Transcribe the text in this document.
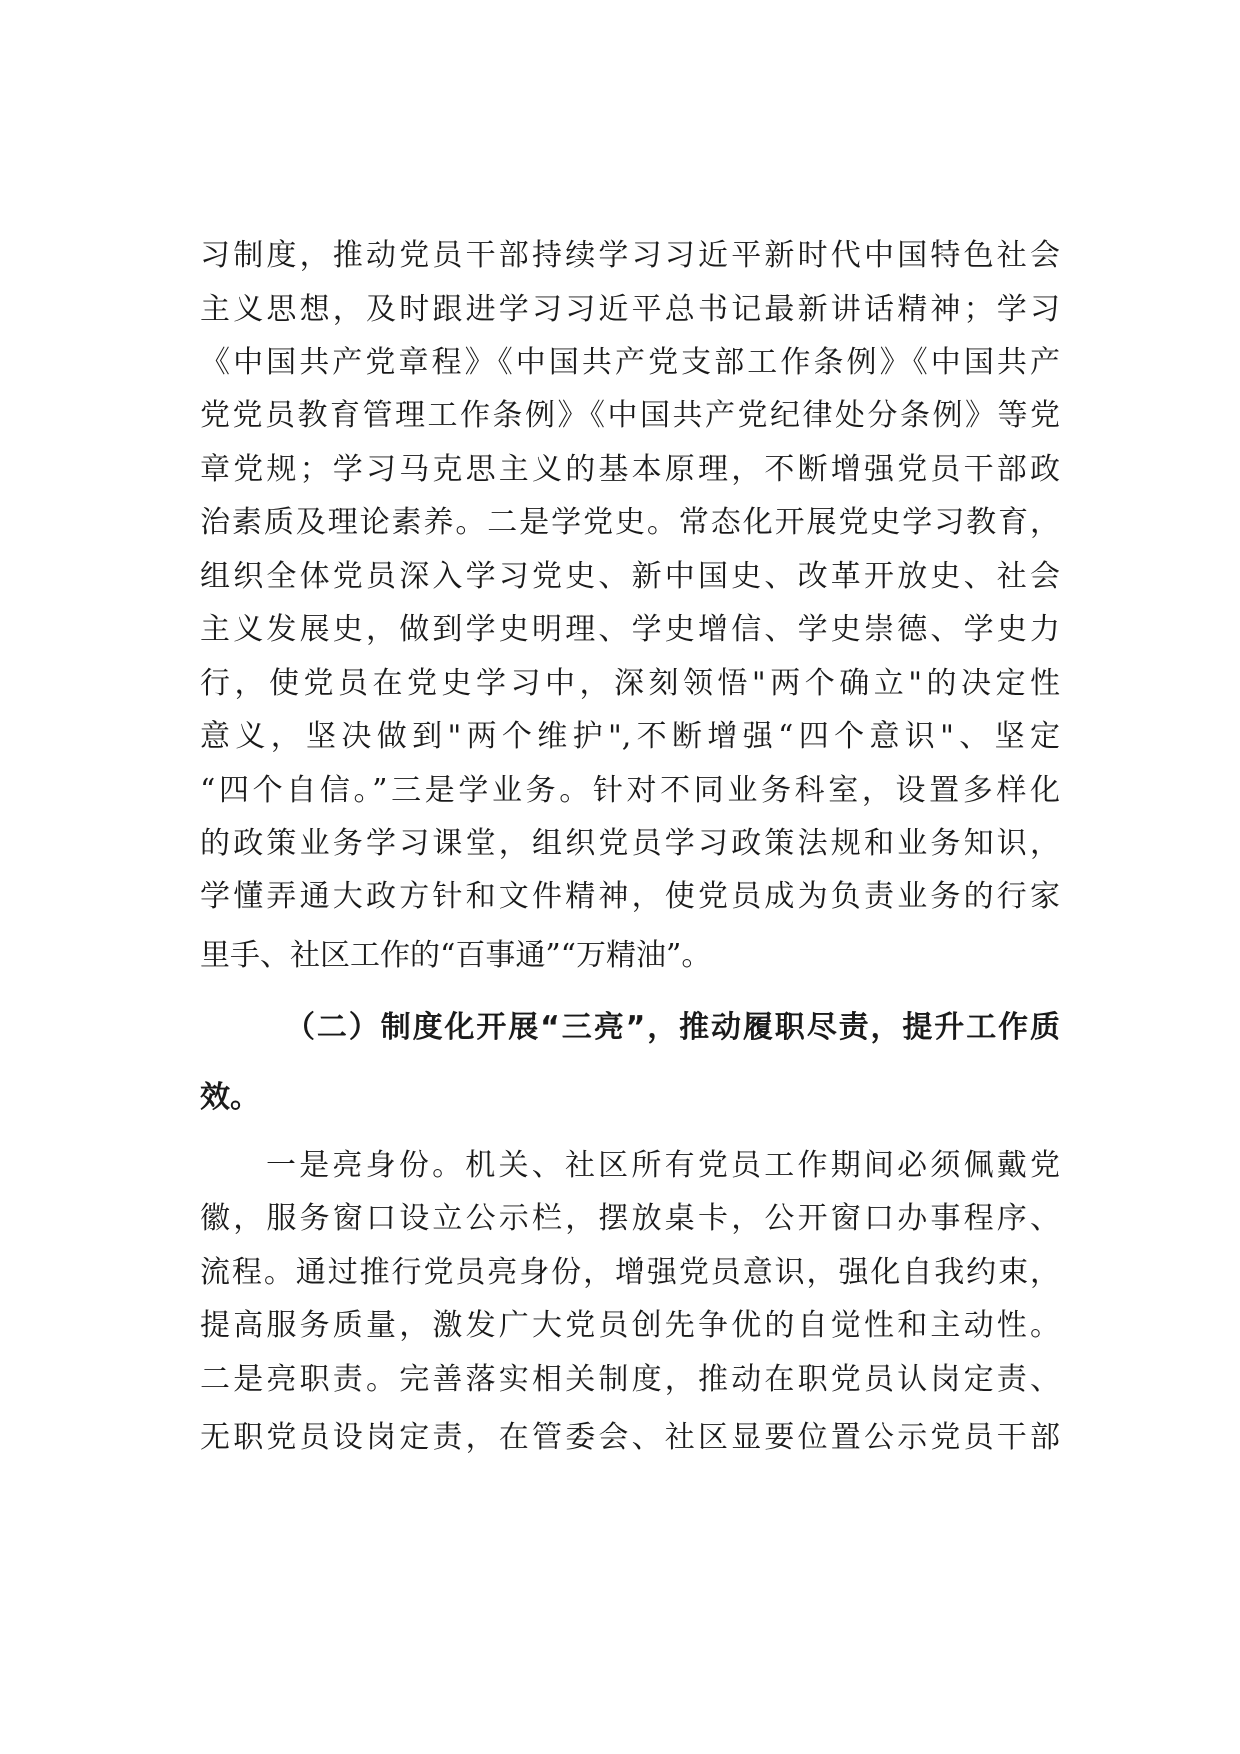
习制度，推动党员干部持续学习习近平新时代中国特色社会
主义思想，及时跟进学习习近平总书记最新讲话精神；学习
《中国共产党章程》《中国共产党支部工作条例》《中国共产
党党员教育管理工作条例》《中国共产党纪律处分条例》等党
章党规；学习马克思主义的基本原理，不断增强党员干部政
治素质及理论素养。二是学党史。常态化开展党史学习教育，
组织全体党员深入学习党史、新中国史、改革开放史、社会
主义发展史，做到学史明理、学史增信、学史崇德、学史力
行，使党员在党史学习中，深刻领悟"两个确立"的决定性
意义，坚决做到"两个维护",不断增强“四个意识"、坚定
“四个自信。”三是学业务。针对不同业务科室，设置多样化
的政策业务学习课堂，组织党员学习政策法规和业务知识，
学懂弄通大政方针和文件精神，使党员成为负责业务的行家
里手、社区工作的“百事通”“万精油”。
（二）制度化开展“三亮”，推动履职尽责，提升工作质
效。
一是亮身份。机关、社区所有党员工作期间必须佩戴党
徽，服务窗口设立公示栏，摆放桌卡，公开窗口办事程序、
流程。通过推行党员亮身份，增强党员意识，强化自我约束，
提高服务质量，激发广大党员创先争优的自觉性和主动性。
二是亮职责。完善落实相关制度，推动在职党员认岗定责、
无职党员设岗定责，在管委会、社区显要位置公示党员干部
